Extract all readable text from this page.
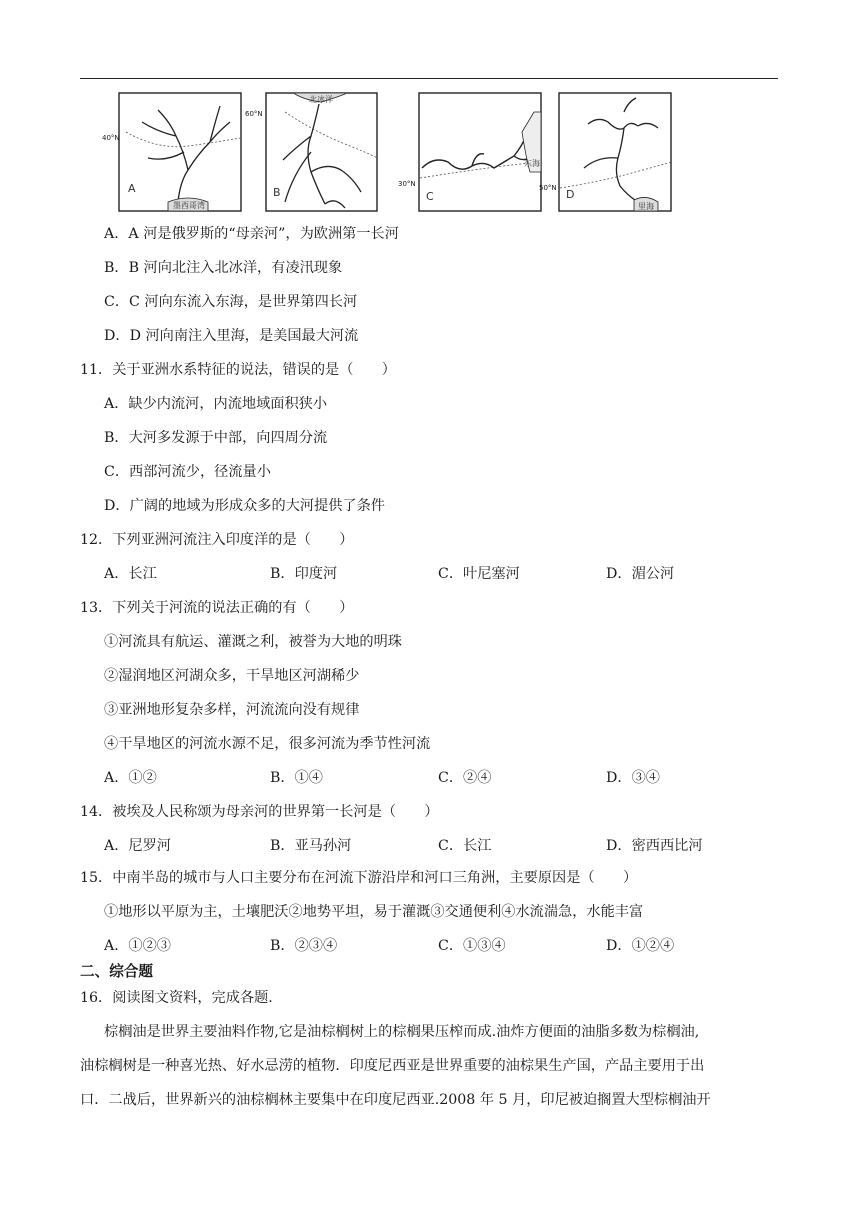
A
墨西哥湾
B
北冰洋
C
东海
D
里海
40°N
60°N
30°N	50°N
A．A 河是俄罗斯的“母亲河”，为欧洲第一长河
B．B 河向北注入北冰洋，有凌汛现象
C．C 河向东流入东海，是世界第四长河
D．D 河向南注入里海，是美国最大河流
11．关于亚洲水系特征的说法，错误的是（　　）
A．缺少内流河，内流地域面积狭小
B．大河多发源于中部，向四周分流
C．西部河流少，径流量小
D．广阔的地域为形成众多的大河提供了条件
12．下列亚洲河流注入印度洋的是（　　）
A．长江	B．印度河	C．叶尼塞河	D．湄公河
13．下列关于河流的说法正确的有（　　）
①河流具有航运、灌溉之利，被誉为大地的明珠
②湿润地区河湖众多，干旱地区河湖稀少
③亚洲地形复杂多样，河流流向没有规律
④干旱地区的河流水源不足，很多河流为季节性河流
A．①②	B．①④	C．②④	D．③④
14．被埃及人民称颂为母亲河的世界第一长河是（　　）
A．尼罗河	B．亚马孙河	C．长江	D．密西西比河
15．中南半岛的城市与人口主要分布在河流下游沿岸和河口三角洲，主要原因是（　　）
①地形以平原为主，土壤肥沃②地势平坦，易于灌溉③交通便利④水流湍急，水能丰富
A．①②③	B．②③④	C．①③④	D．①②④
二、综合题
16．阅读图文资料，完成各题.
棕榈油是世界主要油料作物,它是油棕榈树上的棕榈果压榨而成.油炸方便面的油脂多数为棕榈油,
油棕榈树是一种喜光热、好水忌涝的植物．印度尼西亚是世界重要的油棕果生产国，产品主要用于出
口．二战后，世界新兴的油棕榈林主要集中在印度尼西亚.2008 年 5 月，印尼被迫搁置大型棕榈油开
